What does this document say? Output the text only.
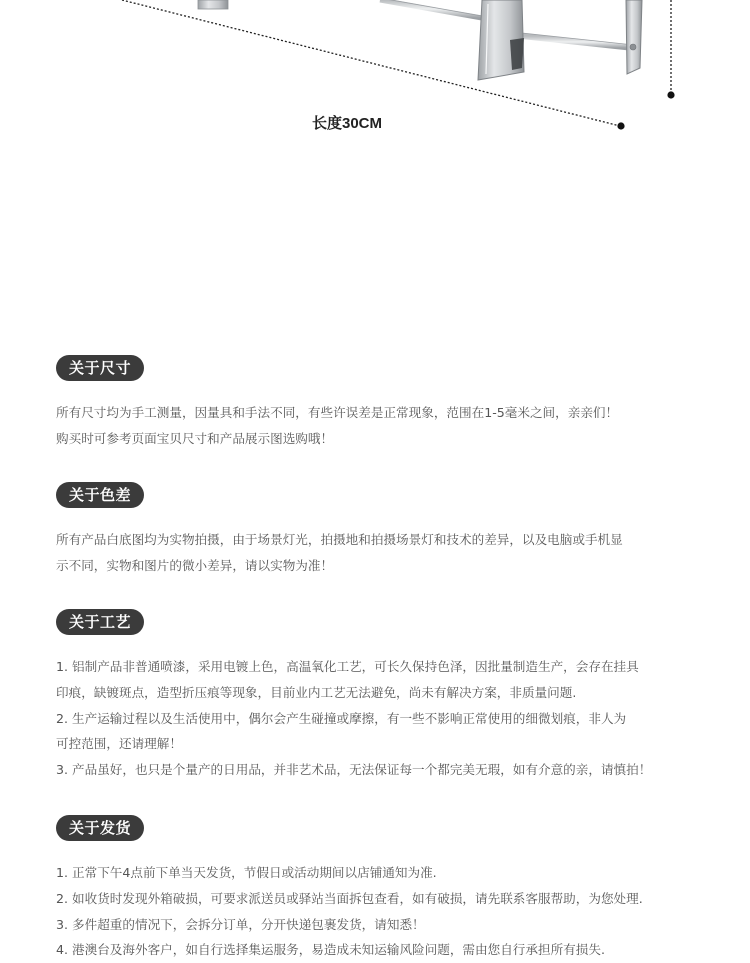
长度30CM
关于尺寸

所有尺寸均为手工测量，因量具和手法不同，有些许误差是正常现象，范围在1-5毫米之间，亲亲们！
购买时可参考页面宝贝尺寸和产品展示图选购哦！

关于色差

所有产品白底图均为实物拍摄，由于场景灯光，拍摄地和拍摄场景灯和技术的差异，以及电脑或手机显
示不同，实物和图片的微小差异，请以实物为准！

关于工艺

1. 铝制产品非普通喷漆，采用电镀上色，高温氧化工艺，可长久保持色泽，因批量制造生产，会存在挂具
印痕，缺镀斑点，造型折压痕等现象，目前业内工艺无法避免，尚未有解决方案，非质量问题.
2. 生产运输过程以及生活使用中，偶尔会产生碰撞或摩擦，有一些不影响正常使用的细微划痕，非人为
可控范围，还请理解！
3. 产品虽好，也只是个量产的日用品，并非艺术品，无法保证每一个都完美无瑕，如有介意的亲，请慎拍！

关于发货

1. 正常下午4点前下单当天发货，节假日或活动期间以店铺通知为准.
2. 如收货时发现外箱破损，可要求派送员或驿站当面拆包查看，如有破损，请先联系客服帮助，为您处理.
3. 多件超重的情况下，会拆分订单，分开快递包裹发货，请知悉！
4. 港澳台及海外客户，如自行选择集运服务，易造成未知运输风险问题，需由您自行承担所有损失.
